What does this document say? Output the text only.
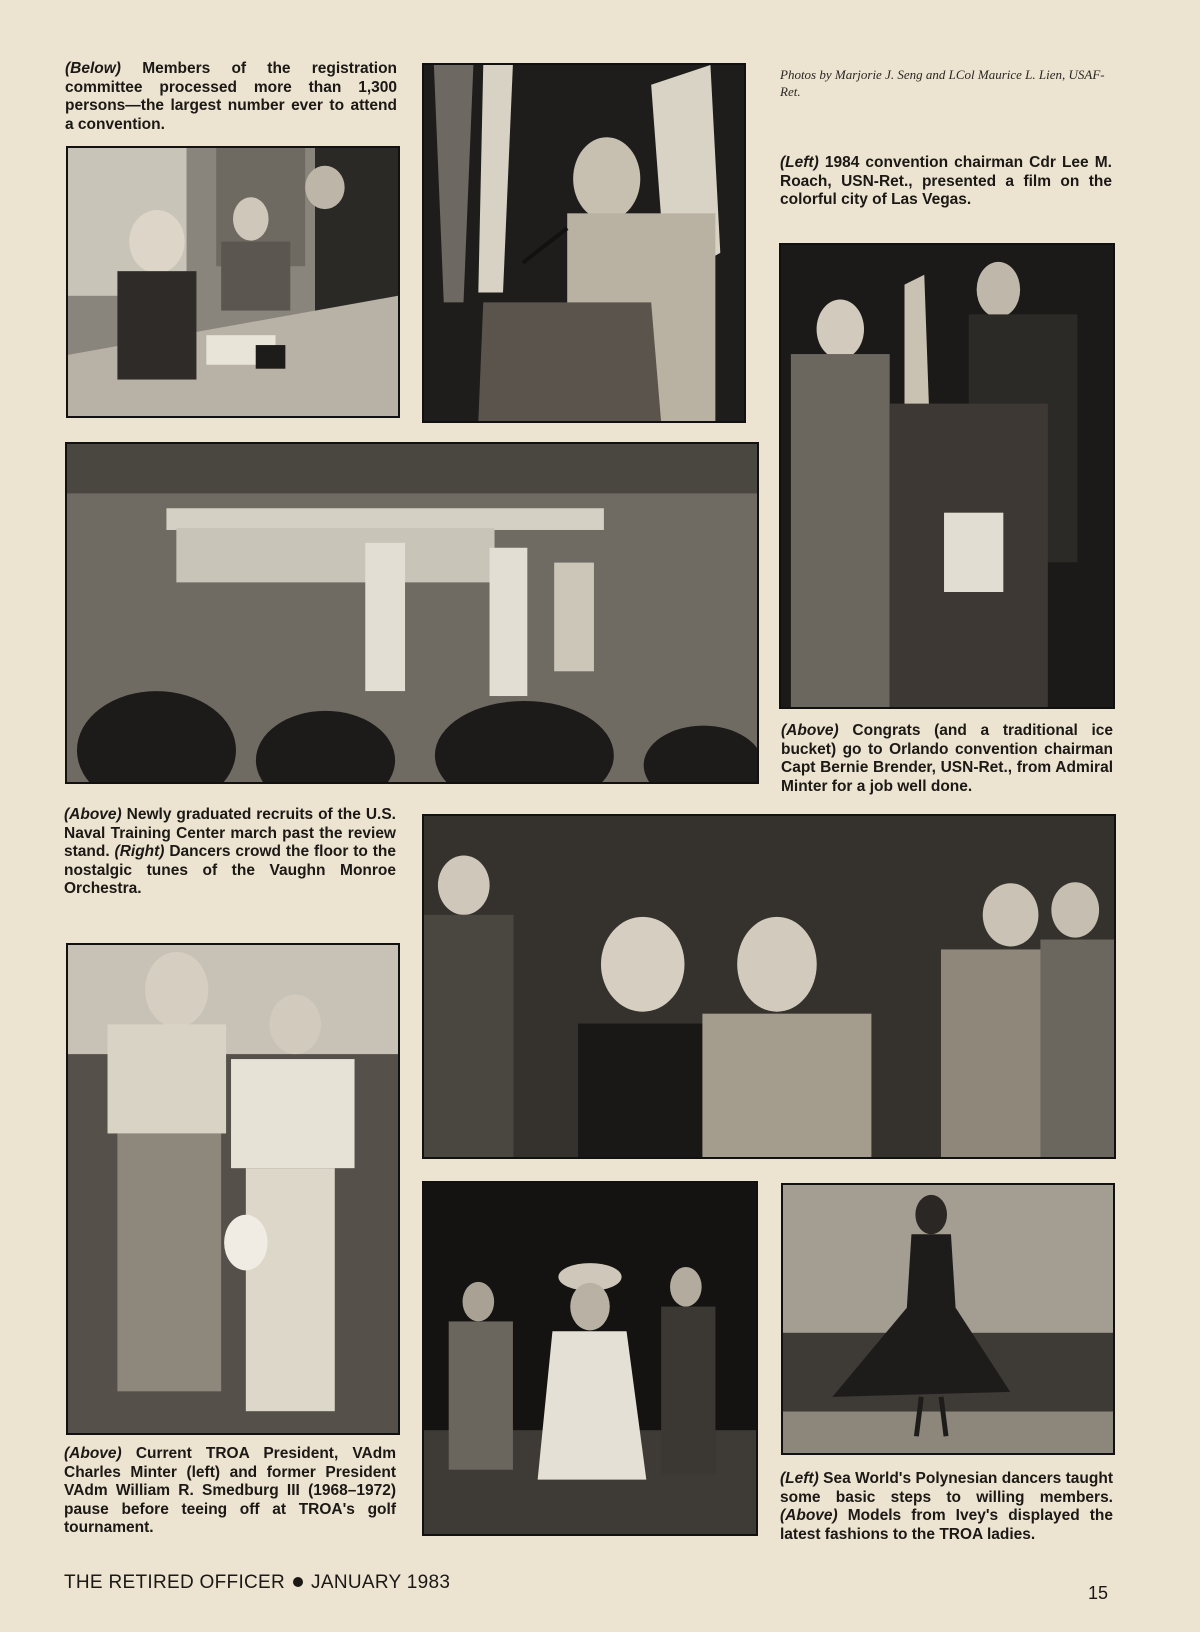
(Below) Members of the registration committee processed more than 1,300 persons—the largest number ever to attend a convention.

Photos by Marjorie J. Seng and LCol Maurice L. Lien, USAF-Ret.

(Left) 1984 convention chairman Cdr Lee M. Roach, USN-Ret., presented a film on the colorful city of Las Vegas.

(Above) Congrats (and a traditional ice bucket) go to Orlando convention chairman Capt Bernie Brender, USN-Ret., from Admiral Minter for a job well done.

(Above) Newly graduated recruits of the U.S. Naval Training Center march past the review stand. (Right) Dancers crowd the floor to the nostalgic tunes of the Vaughn Monroe Orchestra.

(Above) Current TROA President, VAdm Charles Minter (left) and former President VAdm William R. Smedburg III (1968–1972) pause before teeing off at TROA's golf tournament.

(Left) Sea World's Polynesian dancers taught some basic steps to willing members. (Above) Models from Ivey's displayed the latest fashions to the TROA ladies.

THE RETIRED OFFICER JANUARY 1983	15
